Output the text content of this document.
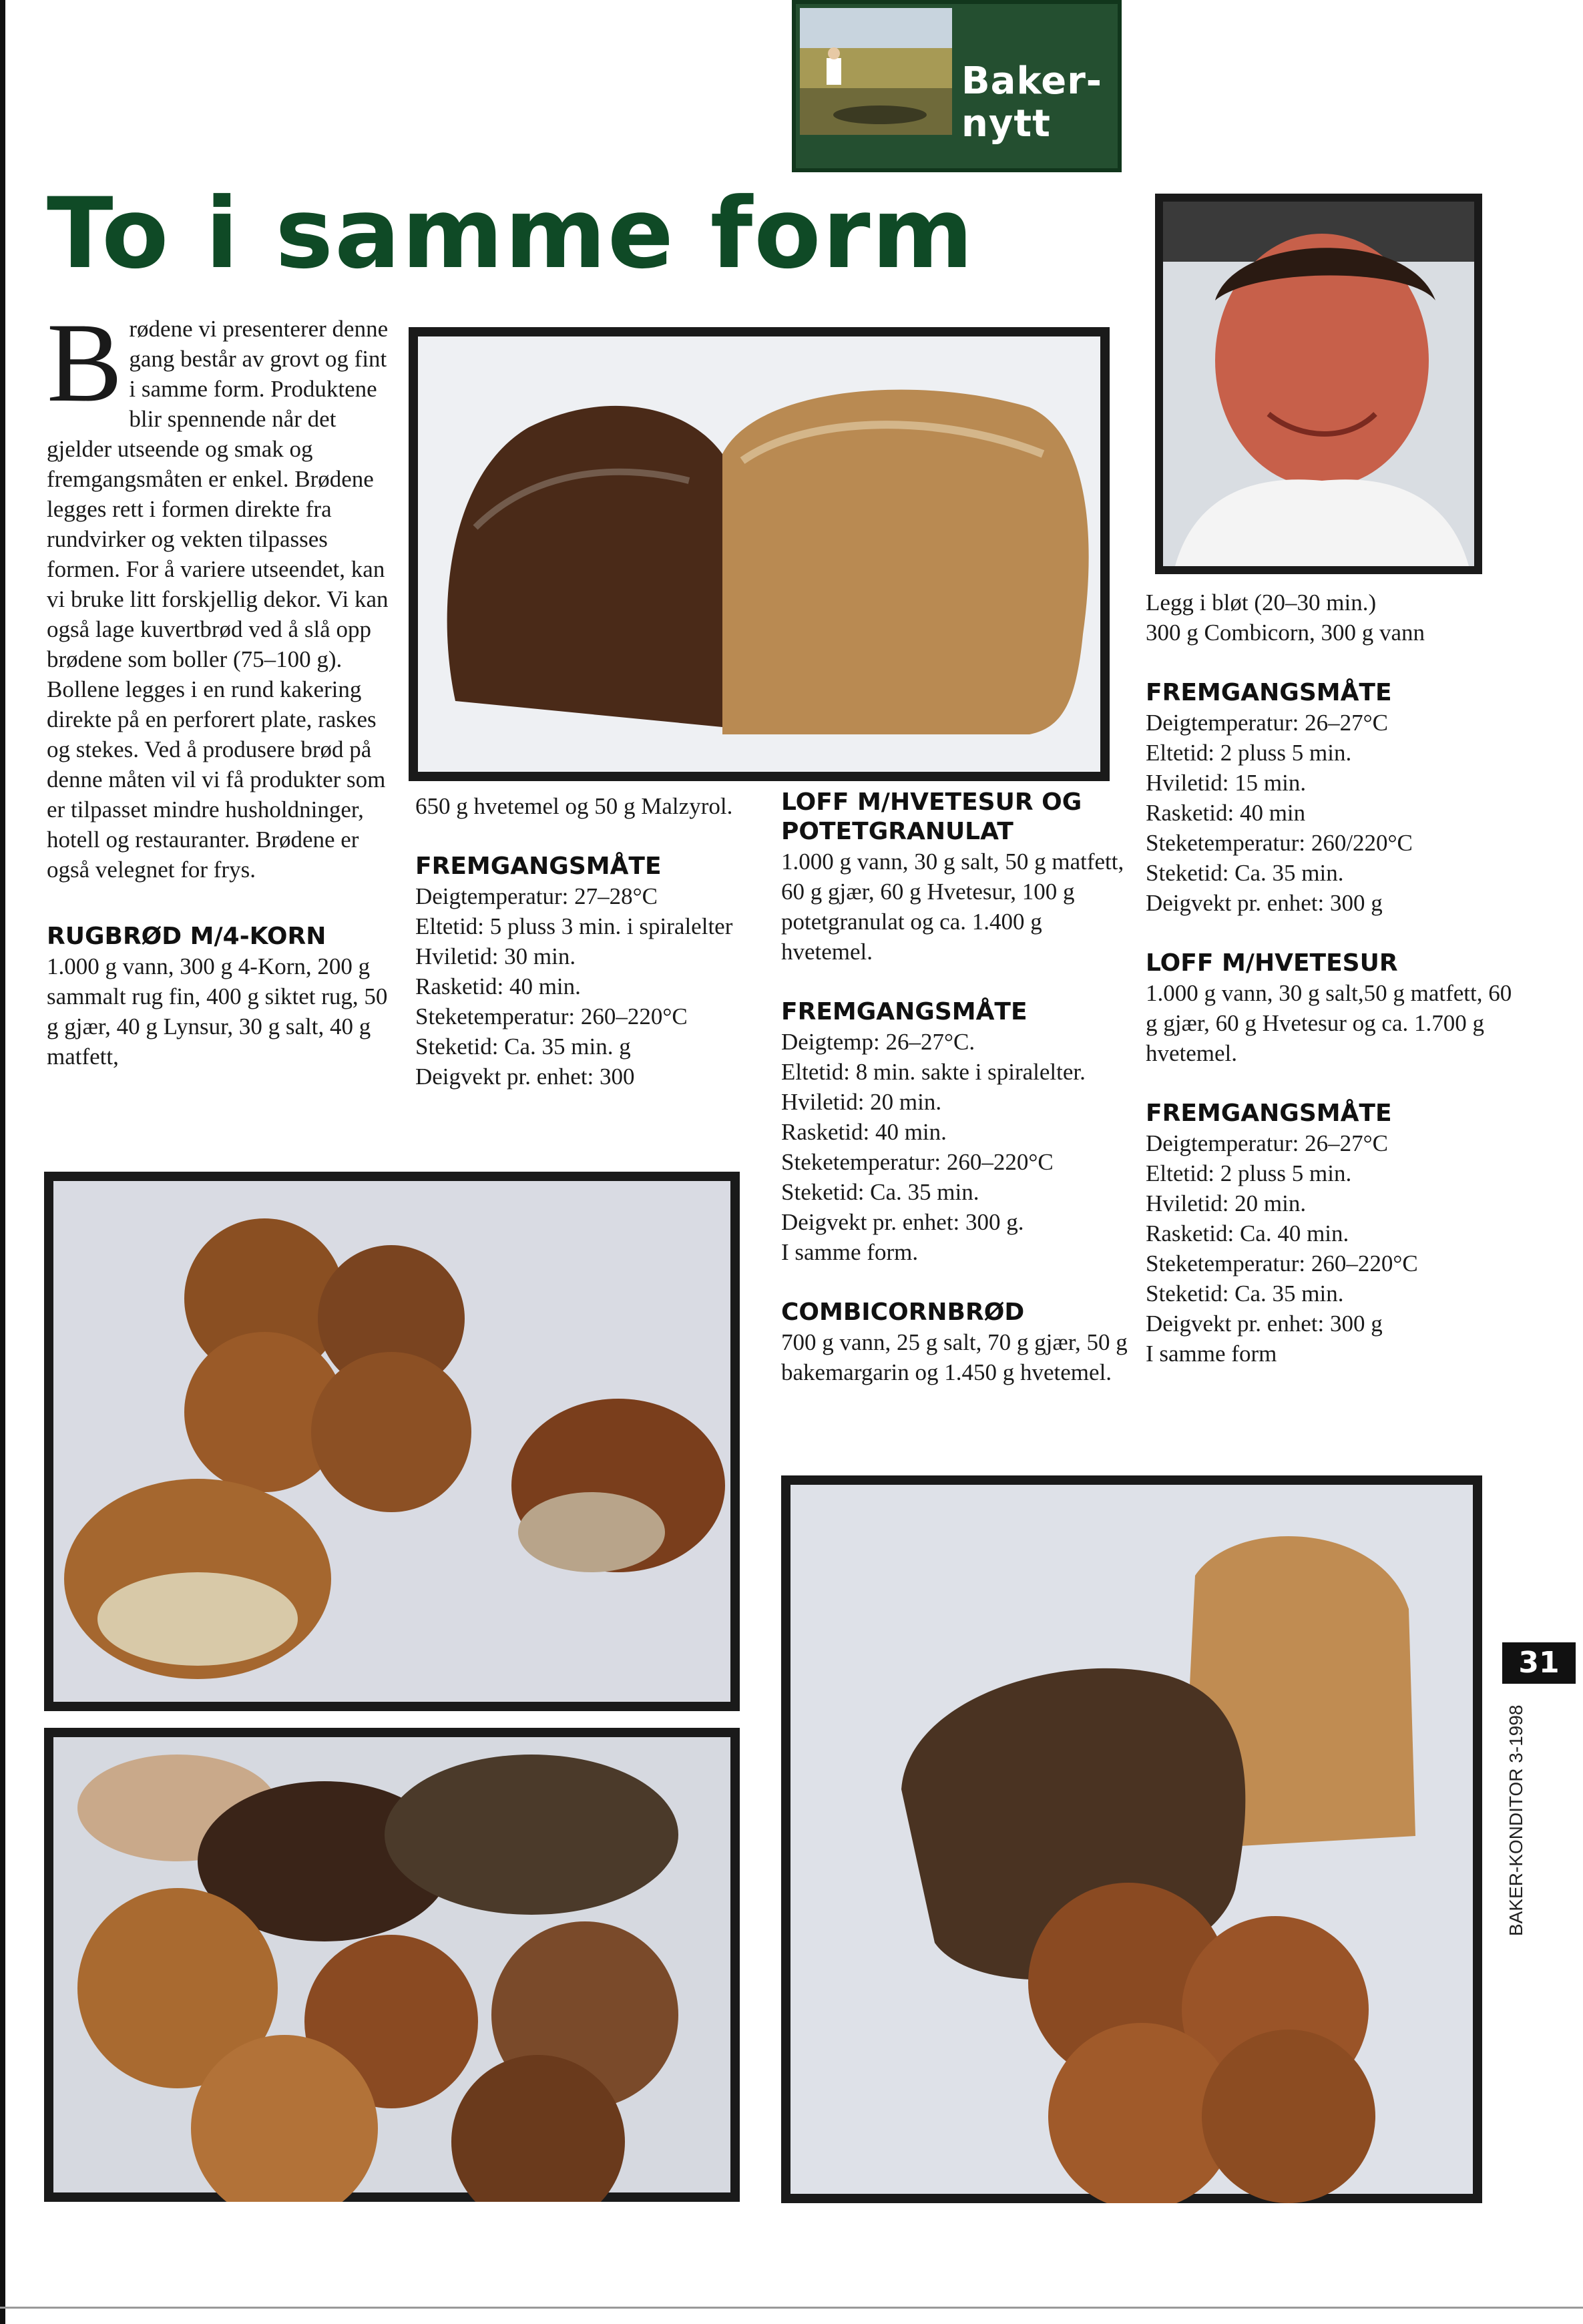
Baker-
nytt
To i samme form

Brødene vi presenterer denne gang består av grovt og fint i samme form. Produktene blir spennende når det gjelder utseende og smak og fremgangsmåten er enkel. Brødene legges rett i formen direkte fra rundvirker og vekten tilpasses formen. For å variere utseendet, kan vi bruke litt forskjellig dekor. Vi kan også lage kuvertbrød ved å slå opp brødene som boller (75–100 g). Bollene legges i en rund kakering direkte på en perforert plate, raskes og stekes. Ved å produsere brød på denne måten vil vi få produkter som er tilpasset mindre husholdninger, hotell og restauranter. Brødene er også velegnet for frys.

RUGBRØD M/4-KORN

1.000 g vann, 300 g 4-Korn, 200 g sammalt rug fin, 400 g siktet rug, 50 g gjær, 40 g Lynsur, 30 g salt, 40 g matfett,

650 g hvetemel og 50 g Malzyrol.

FREMGANGSMÅTE

Deigtemperatur: 27–28°C

Eltetid: 5 pluss 3 min. i spiralelter

Hviletid: 30 min.

Rasketid: 40 min.

Steketemperatur: 260–220°C

Steketid: Ca. 35 min. g

Deigvekt pr. enhet: 300

LOFF M/HVETESUR OG POTETGRANULAT

1.000 g vann, 30 g salt, 50 g matfett, 60 g gjær, 60 g Hvetesur, 100 g potetgranulat og ca. 1.400 g hvetemel.

FREMGANGSMÅTE

Deigtemp: 26–27°C.

Eltetid: 8 min. sakte i spiralelter.

Hviletid: 20 min.

Rasketid: 40 min.

Steketemperatur: 260–220°C

Steketid: Ca. 35 min.

Deigvekt pr. enhet: 300 g.

I samme form.

COMBICORNBRØD

700 g vann, 25 g salt, 70 g gjær, 50 g bakemargarin og 1.450 g hvetemel.

Legg i bløt (20–30 min.)

300 g Combicorn, 300 g vann

FREMGANGSMÅTE

Deigtemperatur: 26–27°C

Eltetid: 2 pluss 5 min.

Hviletid: 15 min.

Rasketid: 40 min

Steketemperatur: 260/220°C

Steketid: Ca. 35 min.

Deigvekt pr. enhet: 300 g

LOFF M/HVETESUR

1.000 g vann, 30 g salt,50 g matfett, 60 g gjær, 60 g Hvetesur og ca. 1.700 g hvetemel.

FREMGANGSMÅTE

Deigtemperatur: 26–27°C

Eltetid: 2 pluss 5 min.

Hviletid: 20 min.

Rasketid: Ca. 40 min.

Steketemperatur: 260–220°C

Steketid: Ca. 35 min.

Deigvekt pr. enhet: 300 g

I samme form

31
BAKER-KONDITOR 3-1998
